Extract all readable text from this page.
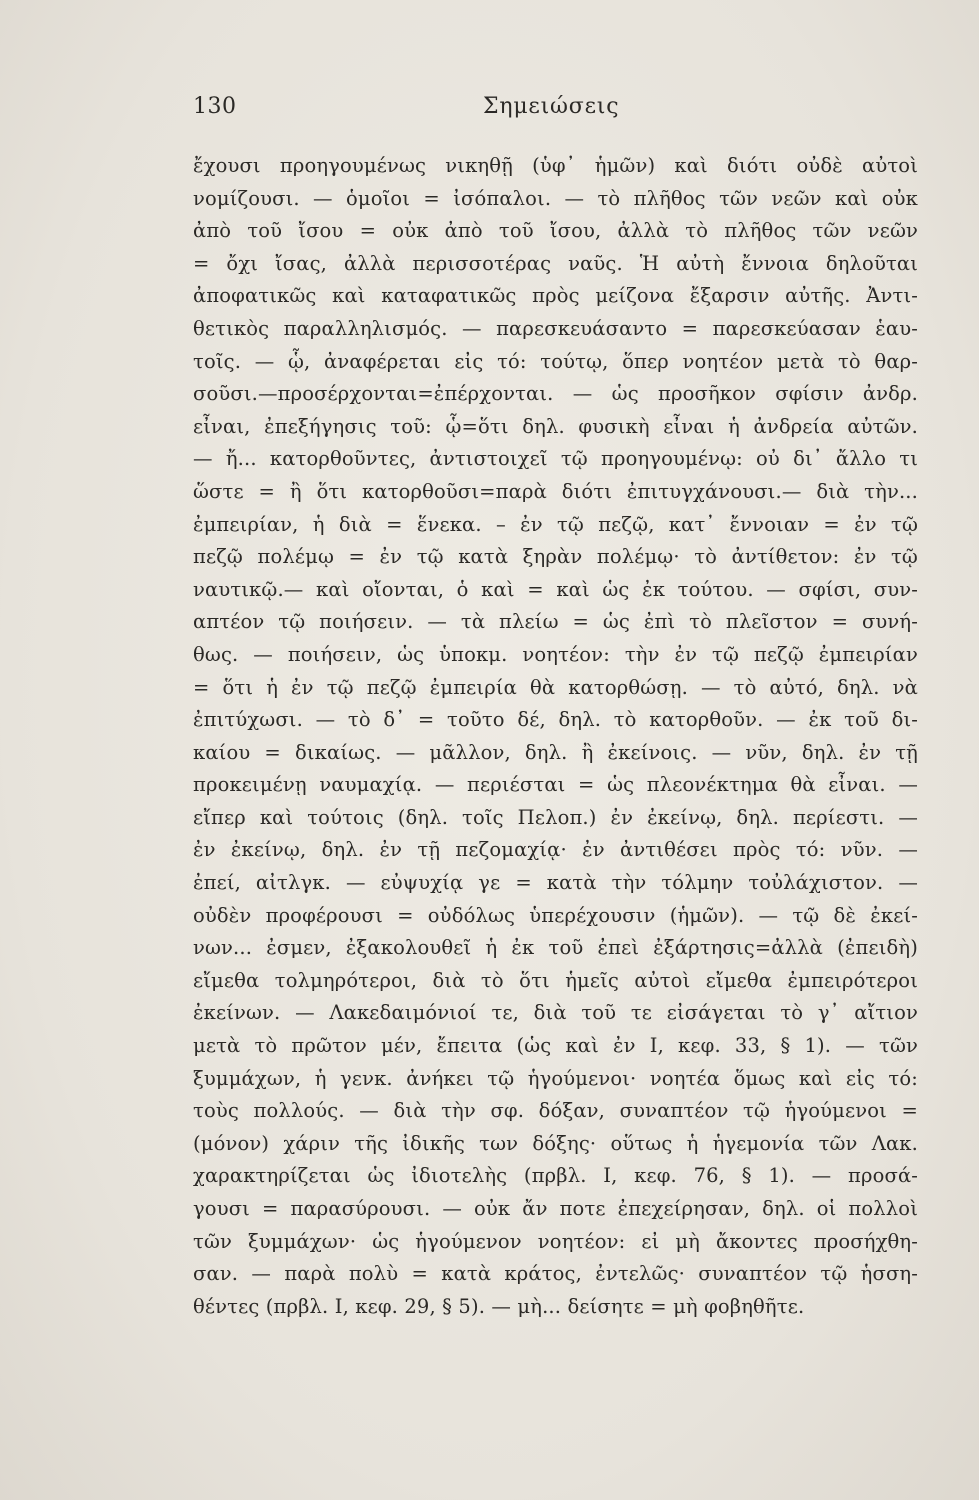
130	Σημειώσεις
ἔχουσι προηγουμένως νικηθῇ (ὑφ᾽ ἡμῶν) καὶ διότι οὐδὲ αὐτοὶ
νομίζουσι. — ὁμοῖοι = ἰσόπαλοι. — τὸ πλῆθος τῶν νεῶν καὶ οὐκ
ἀπὸ τοῦ ἴσου = οὐκ ἀπὸ τοῦ ἴσου, ἀλλὰ τὸ πλῆθος τῶν νεῶν
= ὄχι ἴσας, ἀλλὰ περισσοτέρας ναῦς. Ἡ αὐτὴ ἔννοια δηλοῦται
ἀποφατικῶς καὶ καταφατικῶς πρὸς μείζονα ἔξαρσιν αὐτῆς. Ἀντι-
θετικὸς παραλληλισμός. — παρεσκευάσαντο = παρεσκεύασαν ἑαυ-
τοῖς. — ᾧ, ἀναφέρεται εἰς τό: τούτῳ, ὅπερ νοητέον μετὰ τὸ θαρ-
σοῦσι.—προσέρχονται=ἐπέρχονται. — ὡς προσῆκον σφίσιν ἀνδρ.
εἶναι, ἐπεξήγησις τοῦ: ᾧ=ὅτι δηλ. φυσικὴ εἶναι ἡ ἀνδρεία αὐτῶν.
— ἤ... κατορθοῦντες, ἀντιστοιχεῖ τῷ προηγουμένῳ: οὐ δι᾽ ἄλλο τι
ὥστε = ἢ ὅτι κατορθοῦσι=παρὰ διότι ἐπιτυγχάνουσι.— διὰ τὴν...
ἐμπειρίαν, ἡ διὰ = ἕνεκα. – ἐν τῷ πεζῷ, κατ᾽ ἔννοιαν = ἐν τῷ
πεζῷ πολέμῳ = ἐν τῷ κατὰ ξηρὰν πολέμῳ· τὸ ἀντίθετον: ἐν τῷ
ναυτικῷ.— καὶ οἴονται, ὁ καὶ = καὶ ὡς ἐκ τούτου. — σφίσι, συν-
απτέον τῷ ποιήσειν. — τὰ πλείω = ὡς ἐπὶ τὸ πλεῖστον = συνή-
θως. — ποιήσειν, ὡς ὑποκμ. νοητέον: τὴν ἐν τῷ πεζῷ ἐμπειρίαν
= ὅτι ἡ ἐν τῷ πεζῷ ἐμπειρία θὰ κατορθώσῃ. — τὸ αὐτό, δηλ. νὰ
ἐπιτύχωσι. — τὸ δ᾽ = τοῦτο δέ, δηλ. τὸ κατορθοῦν. — ἐκ τοῦ δι-
καίου = δικαίως. — μᾶλλον, δηλ. ἢ ἐκείνοις. — νῦν, δηλ. ἐν τῇ
προκειμένῃ ναυμαχίᾳ. — περιέσται = ὡς πλεονέκτημα θὰ εἶναι. —
εἴπερ καὶ τούτοις (δηλ. τοῖς Πελοπ.) ἐν ἐκείνῳ, δηλ. περίεστι. —
ἐν ἐκείνῳ, δηλ. ἐν τῇ πεζομαχίᾳ· ἐν ἀντιθέσει πρὸς τό: νῦν. —
ἐπεί, αἰτλγκ. — εὐψυχίᾳ γε = κατὰ τὴν τόλμην τοὐλάχιστον. —
οὐδὲν προφέρουσι = οὐδόλως ὑπερέχουσιν (ἡμῶν). — τῷ δὲ ἐκεί-
νων... ἐσμεν, ἐξακολουθεῖ ἡ ἐκ τοῦ ἐπεὶ ἐξάρτησις=ἀλλὰ (ἐπειδὴ)
εἴμεθα τολμηρότεροι, διὰ τὸ ὅτι ἡμεῖς αὐτοὶ εἴμεθα ἐμπειρότεροι
ἐκείνων. — Λακεδαιμόνιοί τε, διὰ τοῦ τε εἰσάγεται τὸ γ᾽ αἴτιον
μετὰ τὸ πρῶτον μέν, ἔπειτα (ὡς καὶ ἐν Ι, κεφ. 33, § 1). — τῶν
ξυμμάχων, ἡ γενκ. ἀνήκει τῷ ἡγούμενοι· νοητέα ὅμως καὶ εἰς τό:
τοὺς πολλούς. — διὰ τὴν σφ. δόξαν, συναπτέον τῷ ἡγούμενοι =
(μόνον) χάριν τῆς ἰδικῆς των δόξης· οὕτως ἡ ἡγεμονία τῶν Λακ.
χαρακτηρίζεται ὡς ἰδιοτελὴς (πρβλ. Ι, κεφ. 76, § 1). — προσά-
γουσι = παρασύρουσι. — οὐκ ἄν ποτε ἐπεχείρησαν, δηλ. οἱ πολλοὶ
τῶν ξυμμάχων· ὡς ἡγούμενον νοητέον: εἰ μὴ ἄκοντες προσήχθη-
σαν. — παρὰ πολὺ = κατὰ κράτος, ἐντελῶς· συναπτέον τῷ ἡσση-
θέντες (πρβλ. Ι, κεφ. 29, § 5). — μὴ... δείσητε = μὴ φοβηθῆτε.
